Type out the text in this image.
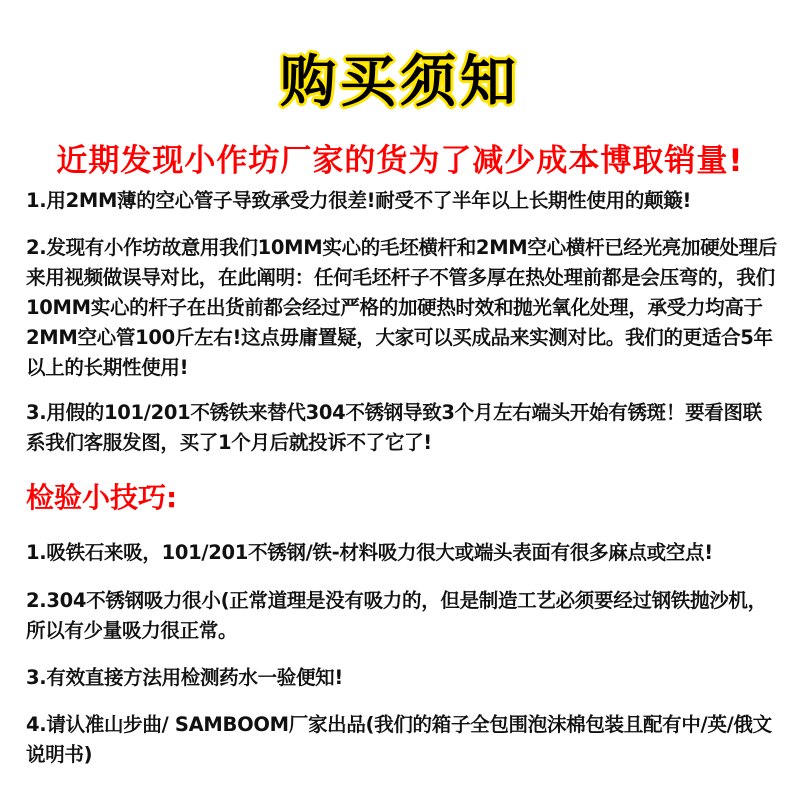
购买须知
近期发现小作坊厂家的货为了减少成本博取销量!
1.用2MM薄的空心管子导致承受力很差!耐受不了半年以上长期性使用的颠簸!
2.发现有小作坊故意用我们10MM实心的毛坯横杆和2MM空心横杆已经光亮加硬处理后来用视频做误导对比，在此阐明：任何毛坯杆子不管多厚在热处理前都是会压弯的，我们10MM实心的杆子在出货前都会经过严格的加硬热时效和抛光氧化处理，承受力均高于2MM空心管100斤左右!这点毋庸置疑，大家可以买成品来实测对比。我们的更适合5年以上的长期性使用!
3.用假的101/201不锈铁来替代304不锈钢导致3个月左右端头开始有锈斑！要看图联系我们客服发图，买了1个月后就投诉不了它了!
检验小技巧:
1.吸铁石来吸，101/201不锈钢/铁-材料吸力很大或端头表面有很多麻点或空点!
2.304不锈钢吸力很小(正常道理是没有吸力的，但是制造工艺必须要经过钢铁抛沙机，所以有少量吸力很正常。
3.有效直接方法用检测药水一验便知!
4.请认准山步曲/ SAMBOOM厂家出品(我们的箱子全包围泡沫棉包装且配有中/英/俄文说明书)
